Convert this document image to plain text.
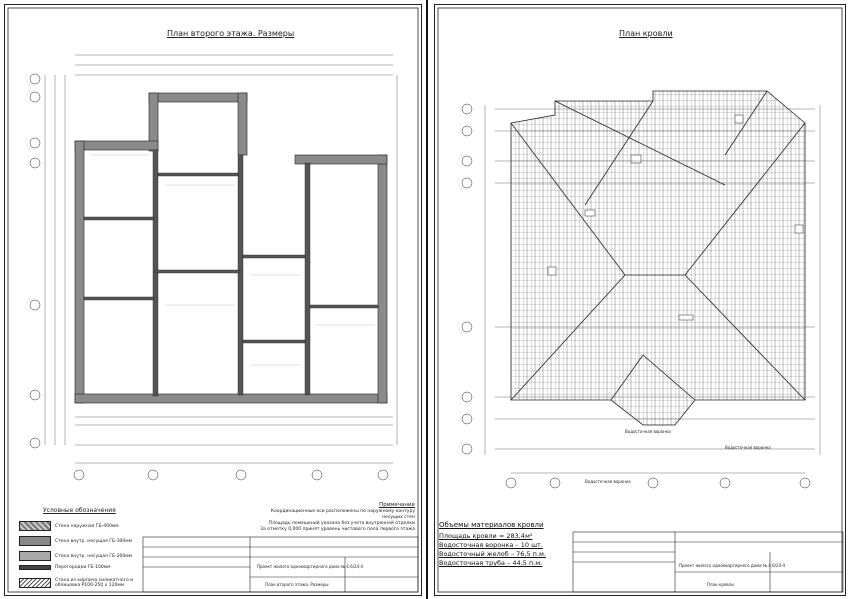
План второго этажа. Размеры
Условные обозначения
Стена наружная ГБ-400мм
Стена внутр. несущая ГБ-300мм
Стена внутр. несущая ГБ-200мм
Перегородки ГБ-100мм
Стена из кирпича силикатного и облицовка Р100-250 х 120мм
Примечание
Координационные оси расположены по наружному контуру несущих стен
Площадь помещений указана без учета внутренней отделки
За отметку 0,000 принят уровень чистового пола первого этажа
Проект жилого одноквартирного дома № 4.6/24-4
План второго этажа. Размеры
План кровли
Водосточная воронка
Водосточная воронка
Водосточная воронка
Объемы материалов кровли
Площадь кровли = 283,4м²
Водосточная воронка – 10 шт.
Водосточный желоб – 76,5 п.м.
Водосточная труба – 44,5 п.м.	Проект жилого одноквартирного дома № 4.6/24-4
План кровли
